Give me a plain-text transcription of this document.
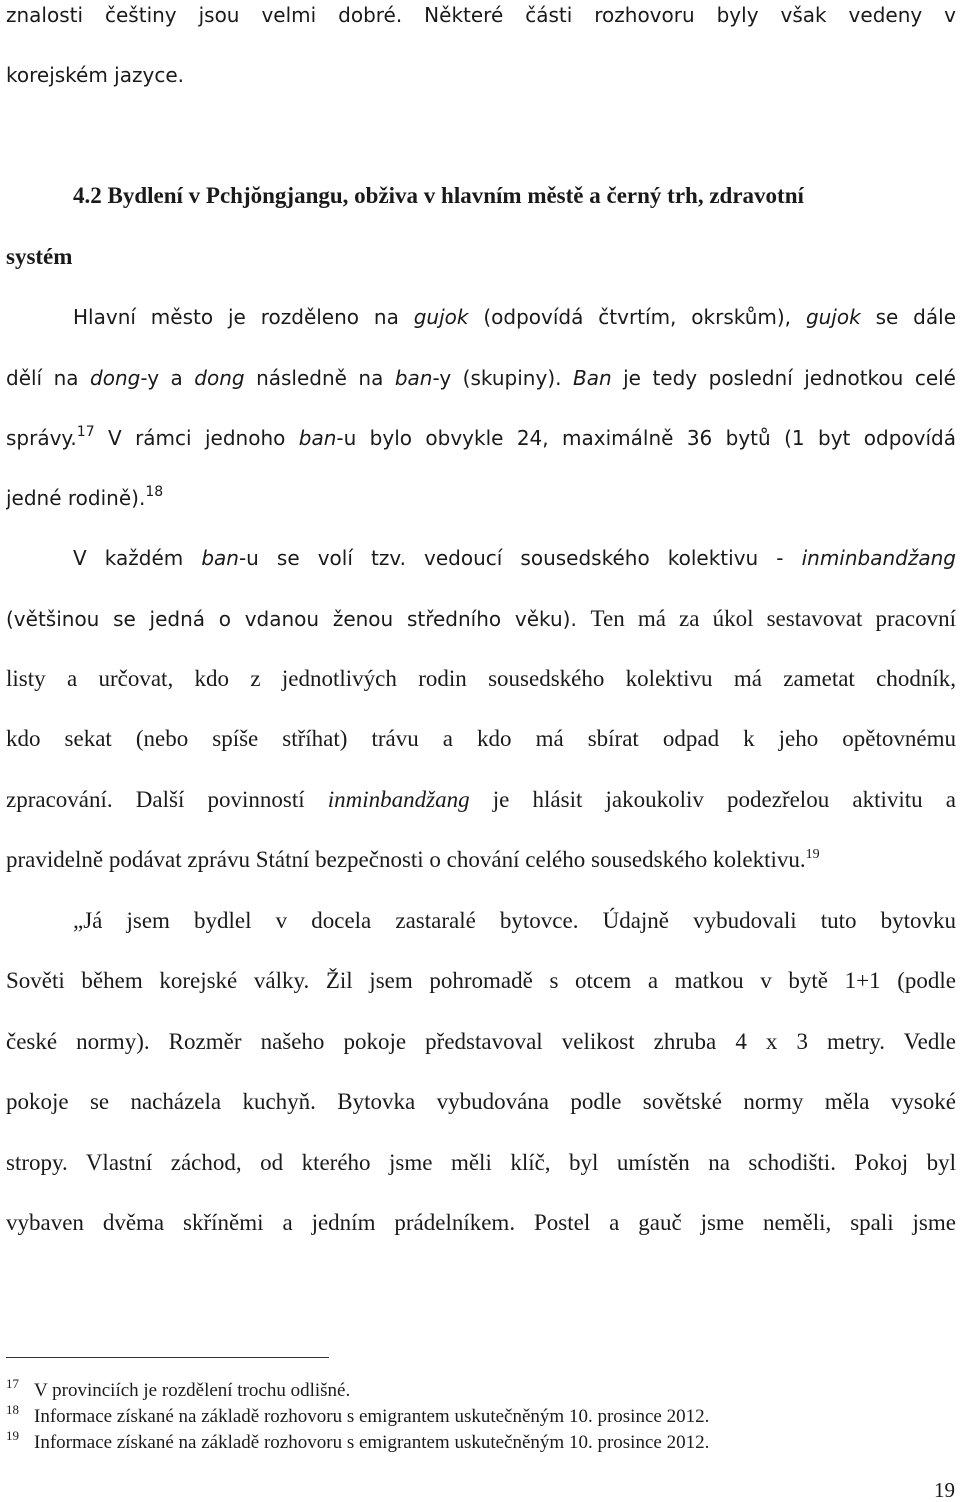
znalosti češtiny jsou velmi dobré. Některé části rozhovoru byly však vedeny v
korejském jazyce.
4.2 Bydlení v Pchjŏngjangu, obživa v hlavním městě a černý trh, zdravotní
systém
Hlavní město je rozděleno na gujok (odpovídá čtvrtím, okrskům), gujok se dále
dělí na dong-y a dong následně na ban-y (skupiny). Ban je tedy poslední jednotkou celé
správy.$^{17}$ V rámci jednoho ban-u bylo obvykle 24, maximálně 36 bytů (1 byt odpovídá
jedné rodině).$^{18}$
V každém ban-u se volí tzv. vedoucí sousedského kolektivu - inminbandžang
(většinou se jedná o vdanou ženou středního věku). Ten má za úkol sestavovat pracovní
listy a určovat, kdo z jednotlivých rodin sousedského kolektivu má zametat chodník,
kdo sekat (nebo spíše stříhat) trávu a kdo má sbírat odpad k jeho opětovnému
zpracování. Další povinností inminbandžang je hlásit jakoukoliv podezřelou aktivitu a
pravidelně podávat zprávu Státní bezpečnosti o chování celého sousedského kolektivu.$^{19}$
„Já jsem bydlel v docela zastaralé bytovce. Údajně vybudovali tuto bytovku
Sověti během korejské války. Žil jsem pohromadě s otcem a matkou v bytě 1+1 (podle
české normy). Rozměr našeho pokoje představoval velikost zhruba 4 x 3 metry. Vedle
pokoje se nacházela kuchyň. Bytovka vybudována podle sovětské normy měla vysoké
stropy. Vlastní záchod, od kterého jsme měli klíč, byl umístěn na schodišti. Pokoj byl
vybaven dvěma skříněmi a jedním prádelníkem. Postel a gauč jsme neměli, spali jsme
17 V provinciích je rozdělení trochu odlišné.
18 Informace získané na základě rozhovoru s emigrantem uskutečněným 10. prosince 2012.
19 Informace získané na základě rozhovoru s emigrantem uskutečněným 10. prosince 2012.
19
